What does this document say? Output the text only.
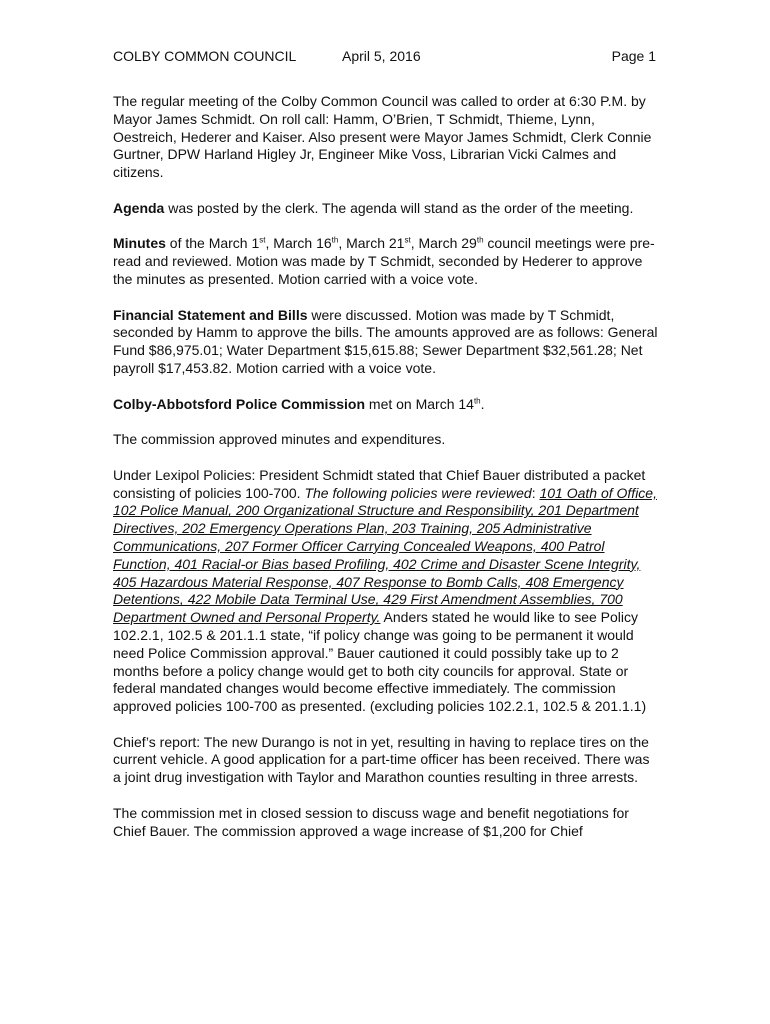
COLBY COMMON COUNCIL	April 5, 2016	Page 1

The regular meeting of the Colby Common Council was called to order at 6:30 P.M. by Mayor James Schmidt. On roll call: Hamm, O’Brien, T Schmidt, Thieme, Lynn, Oestreich, Hederer and Kaiser. Also present were Mayor James Schmidt, Clerk Connie Gurtner, DPW Harland Higley Jr, Engineer Mike Voss, Librarian Vicki Calmes and citizens.

Agenda was posted by the clerk. The agenda will stand as the order of the meeting.

Minutes of the March 1st, March 16th, March 21st, March 29th council meetings were pre-read and reviewed. Motion was made by T Schmidt, seconded by Hederer to approve the minutes as presented. Motion carried with a voice vote.

Financial Statement and Bills were discussed. Motion was made by T Schmidt, seconded by Hamm to approve the bills. The amounts approved are as follows: General Fund $86,975.01; Water Department $15,615.88; Sewer Department $32,561.28; Net payroll $17,453.82. Motion carried with a voice vote.

Colby-Abbotsford Police Commission met on March 14th.

The commission approved minutes and expenditures.

Under Lexipol Policies: President Schmidt stated that Chief Bauer distributed a packet consisting of policies 100-700. The following policies were reviewed: 101 Oath of Office, 102 Police Manual, 200 Organizational Structure and Responsibility, 201 Department Directives, 202 Emergency Operations Plan, 203 Training, 205 Administrative Communications, 207 Former Officer Carrying Concealed Weapons, 400 Patrol Function, 401 Racial-or Bias based Profiling, 402 Crime and Disaster Scene Integrity, 405 Hazardous Material Response, 407 Response to Bomb Calls, 408 Emergency Detentions, 422 Mobile Data Terminal Use, 429 First Amendment Assemblies, 700 Department Owned and Personal Property. Anders stated he would like to see Policy 102.2.1, 102.5 & 201.1.1 state, “if policy change was going to be permanent it would need Police Commission approval.” Bauer cautioned it could possibly take up to 2 months before a policy change would get to both city councils for approval. State or federal mandated changes would become effective immediately. The commission approved policies 100-700 as presented. (excluding policies 102.2.1, 102.5 & 201.1.1)

Chief’s report: The new Durango is not in yet, resulting in having to replace tires on the current vehicle. A good application for a part-time officer has been received. There was a joint drug investigation with Taylor and Marathon counties resulting in three arrests.

The commission met in closed session to discuss wage and benefit negotiations for Chief Bauer. The commission approved a wage increase of $1,200 for Chief
